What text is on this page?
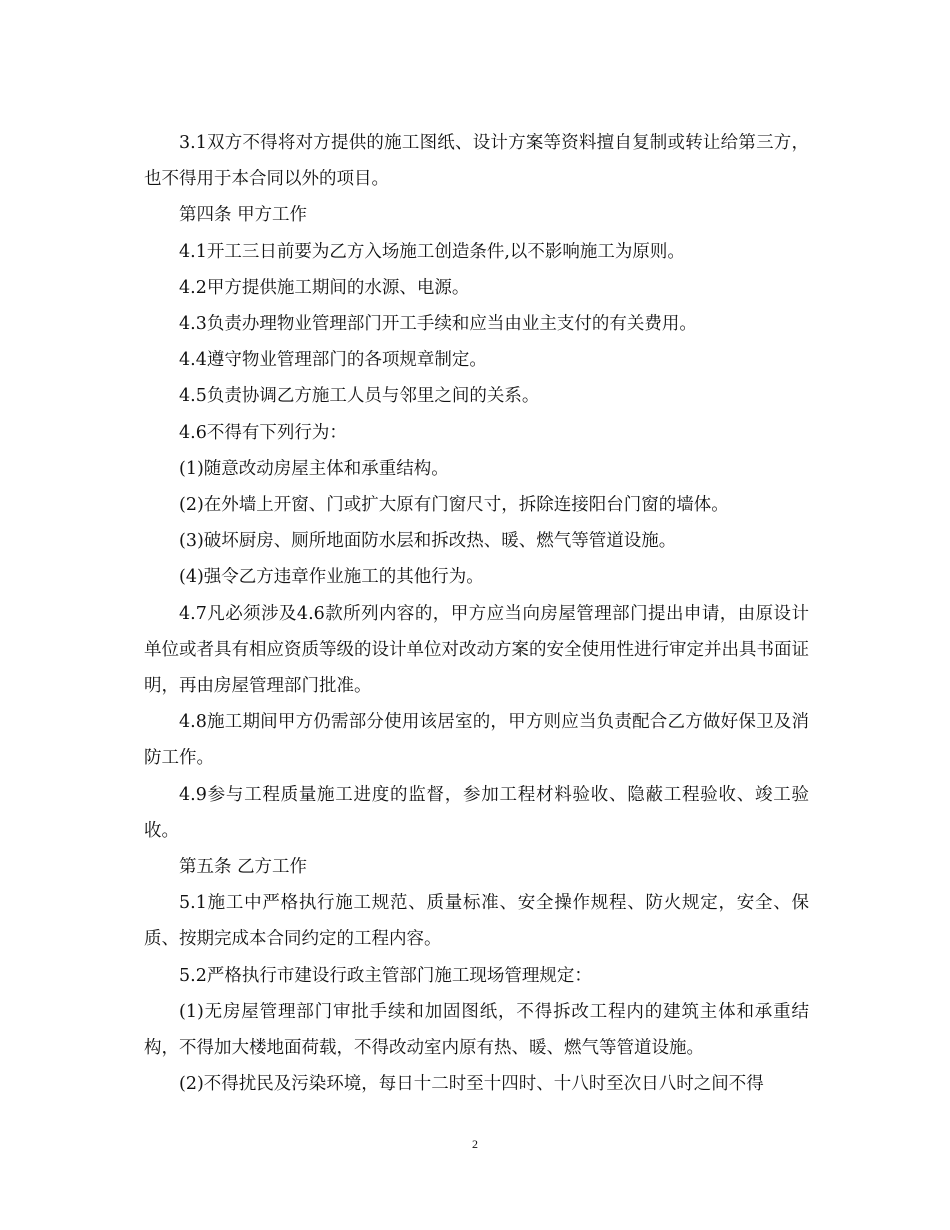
3.1双方不得将对方提供的施工图纸、设计方案等资料擅自复制或转让给第三方，也不得用于本合同以外的项目。

第四条 甲方工作

4.1开工三日前要为乙方入场施工创造条件,以不影响施工为原则。

4.2甲方提供施工期间的水源、电源。

4.3负责办理物业管理部门开工手续和应当由业主支付的有关费用。

4.4遵守物业管理部门的各项规章制定。

4.5负责协调乙方施工人员与邻里之间的关系。

4.6不得有下列行为：

(1)随意改动房屋主体和承重结构。

(2)在外墙上开窗、门或扩大原有门窗尺寸，拆除连接阳台门窗的墙体。

(3)破坏厨房、厕所地面防水层和拆改热、暖、燃气等管道设施。

(4)强令乙方违章作业施工的其他行为。

4.7凡必须涉及4.6款所列内容的，甲方应当向房屋管理部门提出申请，由原设计单位或者具有相应资质等级的设计单位对改动方案的安全使用性进行审定并出具书面证明，再由房屋管理部门批准。

4.8施工期间甲方仍需部分使用该居室的，甲方则应当负责配合乙方做好保卫及消防工作。

4.9参与工程质量施工进度的监督，参加工程材料验收、隐蔽工程验收、竣工验收。

第五条 乙方工作

5.1施工中严格执行施工规范、质量标准、安全操作规程、防火规定，安全、保质、按期完成本合同约定的工程内容。

5.2严格执行市建设行政主管部门施工现场管理规定：

(1)无房屋管理部门审批手续和加固图纸，不得拆改工程内的建筑主体和承重结构，不得加大楼地面荷载，不得改动室内原有热、暖、燃气等管道设施。

(2)不得扰民及污染环境，每日十二时至十四时、十八时至次日八时之间不得

2
